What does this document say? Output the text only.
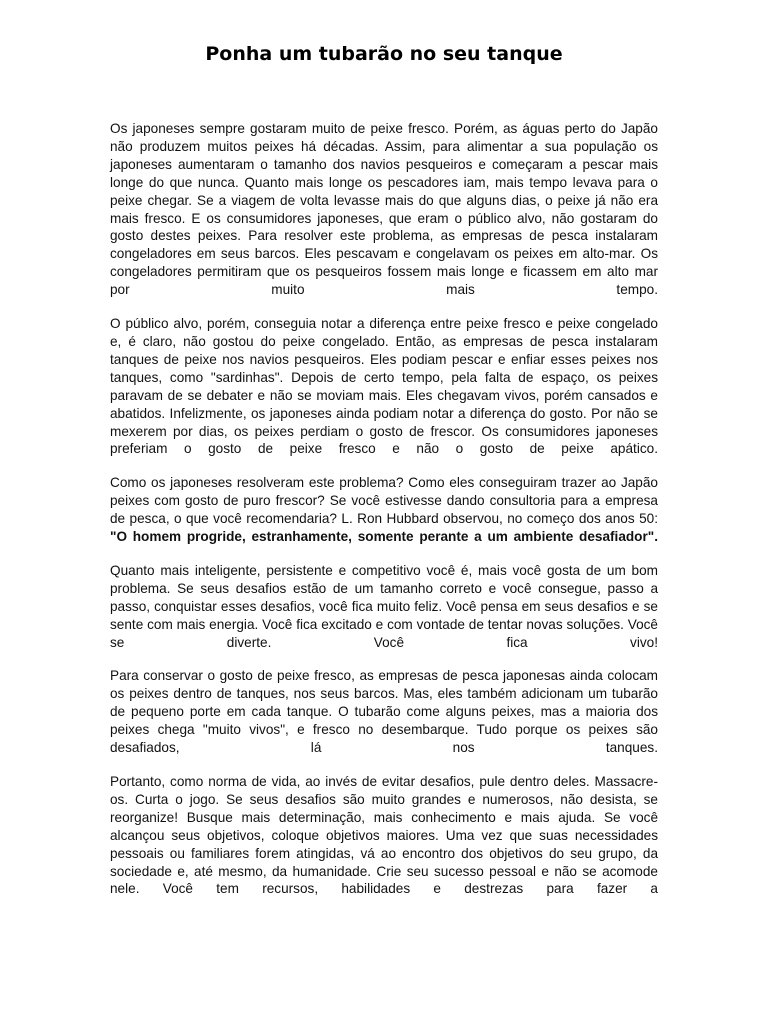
Ponha um tubarão no seu tanque

Os japoneses sempre gostaram muito de peixe fresco. Porém, as águas perto do Japão não produzem muitos peixes há décadas. Assim, para alimentar a sua população os japoneses aumentaram o tamanho dos navios pesqueiros e começaram a pescar mais longe do que nunca. Quanto mais longe os pescadores iam, mais tempo levava para o peixe chegar. Se a viagem de volta levasse mais do que alguns dias, o peixe já não era mais fresco. E os consumidores japoneses, que eram o público alvo, não gostaram do gosto destes peixes. Para resolver este problema, as empresas de pesca instalaram congeladores em seus barcos. Eles pescavam e congelavam os peixes em alto-mar. Os congeladores permitiram que os pesqueiros fossem mais longe e ficassem em alto mar por muito mais tempo.

O público alvo, porém, conseguia notar a diferença entre peixe fresco e peixe congelado e, é claro, não gostou do peixe congelado. Então, as empresas de pesca instalaram tanques de peixe nos navios pesqueiros. Eles podiam pescar e enfiar esses peixes nos tanques, como "sardinhas". Depois de certo tempo, pela falta de espaço, os peixes paravam de se debater e não se moviam mais. Eles chegavam vivos, porém cansados e abatidos. Infelizmente, os japoneses ainda podiam notar a diferença do gosto. Por não se mexerem por dias, os peixes perdiam o gosto de frescor. Os consumidores japoneses preferiam o gosto de peixe fresco e não o gosto de peixe apático.

Como os japoneses resolveram este problema? Como eles conseguiram trazer ao Japão peixes com gosto de puro frescor? Se você estivesse dando consultoria para a empresa de pesca, o que você recomendaria? L. Ron Hubbard observou, no começo dos anos 50: "O homem progride, estranhamente, somente perante a um ambiente desafiador".

Quanto mais inteligente, persistente e competitivo você é, mais você gosta de um bom problema. Se seus desafios estão de um tamanho correto e você consegue, passo a passo, conquistar esses desafios, você fica muito feliz. Você pensa em seus desafios e se sente com mais energia. Você fica excitado e com vontade de tentar novas soluções. Você se diverte. Você fica vivo!

Para conservar o gosto de peixe fresco, as empresas de pesca japonesas ainda colocam os peixes dentro de tanques, nos seus barcos. Mas, eles também adicionam um tubarão de pequeno porte em cada tanque. O tubarão come alguns peixes, mas a maioria dos peixes chega "muito vivos", e fresco no desembarque. Tudo porque os peixes são desafiados, lá nos tanques.

Portanto, como norma de vida, ao invés de evitar desafios, pule dentro deles. Massacre-os. Curta o jogo. Se seus desafios são muito grandes e numerosos, não desista, se reorganize! Busque mais determinação, mais conhecimento e mais ajuda. Se você alcançou seus objetivos, coloque objetivos maiores. Uma vez que suas necessidades pessoais ou familiares forem atingidas, vá ao encontro dos objetivos do seu grupo, da sociedade e, até mesmo, da humanidade. Crie seu sucesso pessoal e não se acomode nele. Você tem recursos, habilidades e destrezas para fazer a
